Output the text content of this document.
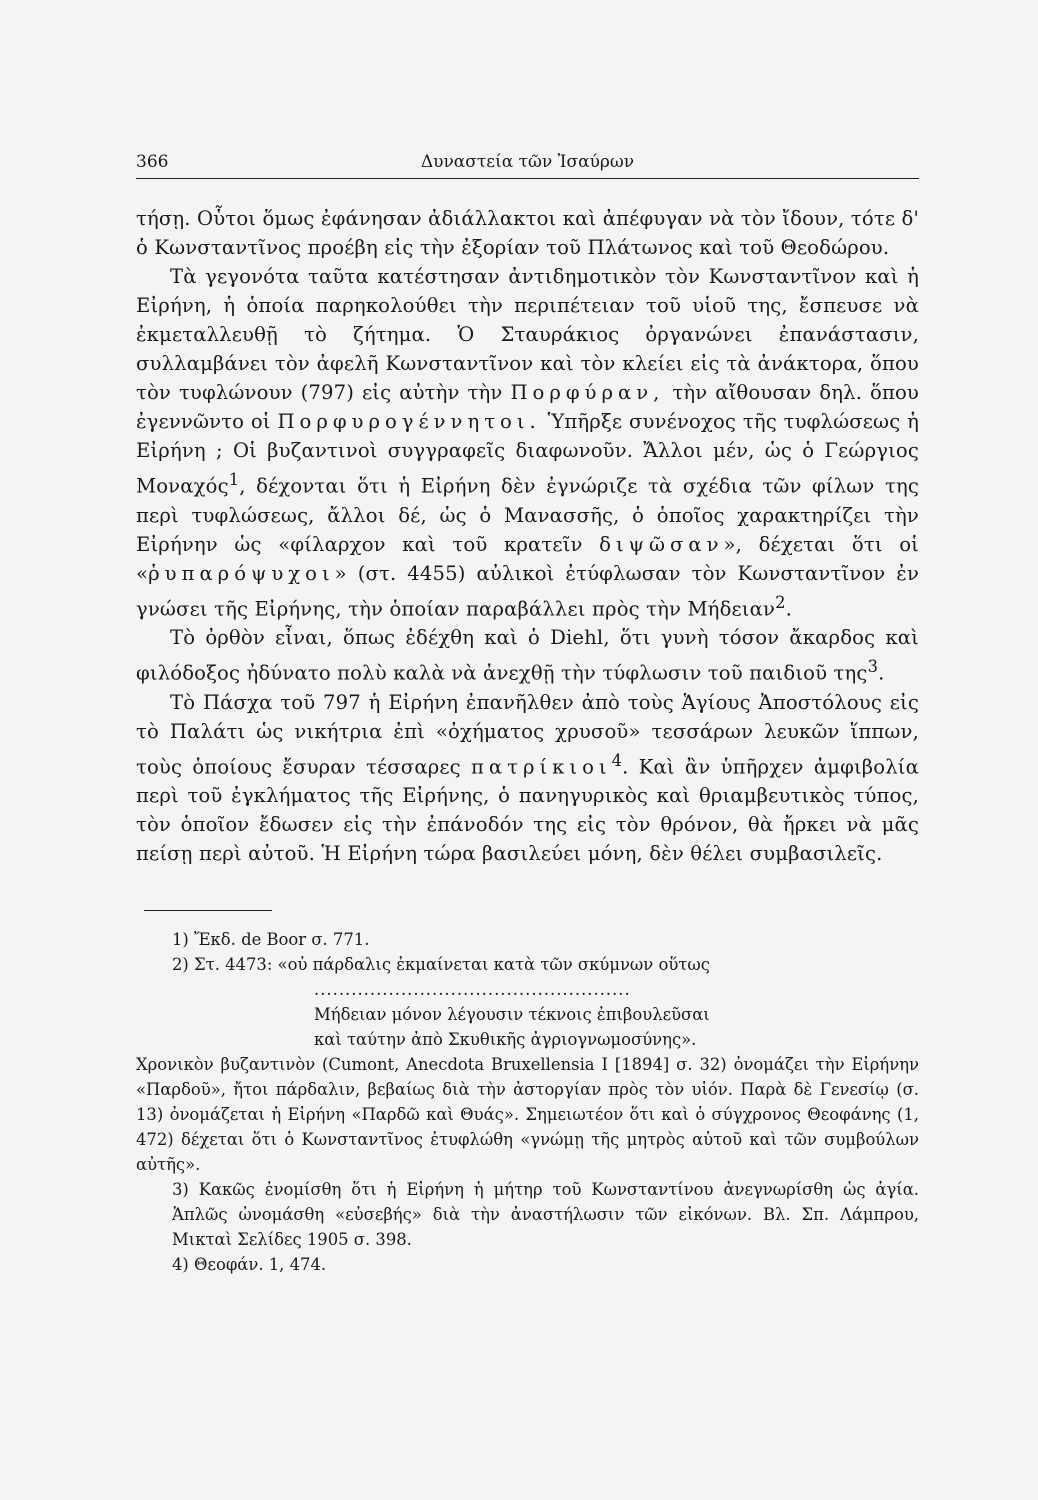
366	Δυναστεία τῶν Ἰσαύρων

τήσῃ. Οὗτοι ὅμως ἐφάνησαν ἀδιάλλακτοι καὶ ἀπέφυγαν νὰ τὸν ἴδουν, τότε δ' ὁ Κωνσταντῖνος προέβη εἰς τὴν ἐξορίαν τοῦ Πλάτωνος καὶ τοῦ Θεοδώρου.

Τὰ γεγονότα ταῦτα κατέστησαν ἀντιδημοτικὸν τὸν Κωνσταντῖνον καὶ ἡ Εἰρήνη, ἡ ὁποία παρηκολούθει τὴν περιπέτειαν τοῦ υἱοῦ της, ἔσπευσε νὰ ἐκμεταλλευθῇ τὸ ζήτημα. Ὁ Σταυράκιος ὀργανώνει ἐπανάστασιν, συλλαμβάνει τὸν ἀφελῆ Κωνσταντῖνον καὶ τὸν κλείει εἰς τὰ ἀνάκτορα, ὅπου τὸν τυφλώνουν (797) εἰς αὐτὴν τὴν Πορφύραν, τὴν αἴθουσαν δηλ. ὅπου ἐγεννῶντο οἱ Πορφυρογέννητοι. Ὑπῆρξε συνένοχος τῆς τυφλώσεως ἡ Εἰρήνη ; Οἱ βυζαντινοὶ συγγραφεῖς διαφωνοῦν. Ἄλλοι μέν, ὡς ὁ Γεώργιος Μοναχός$^1$, δέχονται ὅτι ἡ Εἰρήνη δὲν ἐγνώριζε τὰ σχέδια τῶν φίλων της περὶ τυφλώσεως, ἄλλοι δέ, ὡς ὁ Μανασσῆς, ὁ ὁποῖος χαρακτηρίζει τὴν Εἰρήνην ὡς «φίλαρχον καὶ τοῦ κρατεῖν διψῶσαν», δέχεται ὅτι οἱ «ῥυπαρόψυχοι» (στ. 4455) αὐλικοὶ ἐτύφλωσαν τὸν Κωνσταντῖνον ἐν γνώσει τῆς Εἰρήνης, τὴν ὁποίαν παραβάλλει πρὸς τὴν Μήδειαν$^2$.

Τὸ ὀρθὸν εἶναι, ὅπως ἐδέχθη καὶ ὁ Diehl, ὅτι γυνὴ τόσον ἄκαρδος καὶ φιλόδοξος ἠδύνατο πολὺ καλὰ νὰ ἀνεχθῇ τὴν τύφλωσιν τοῦ παιδιοῦ της$^3$.

Τὸ Πάσχα τοῦ 797 ἡ Εἰρήνη ἐπανῆλθεν ἀπὸ τοὺς Ἁγίους Ἀποστόλους εἰς τὸ Παλάτι ὡς νικήτρια ἐπὶ «ὀχήματος χρυσοῦ» τεσσάρων λευκῶν ἵππων, τοὺς ὁποίους ἔσυραν τέσσαρες πατρίκιοι$^4$. Καὶ ἂν ὑπῆρχεν ἀμφιβολία περὶ τοῦ ἐγκλήματος τῆς Εἰρήνης, ὁ πανηγυρικὸς καὶ θριαμβευτικὸς τύπος, τὸν ὁποῖον ἔδωσεν εἰς τὴν ἐπάνοδόν της εἰς τὸν θρόνον, θὰ ἤρκει νὰ μᾶς πείσῃ περὶ αὐτοῦ. Ἡ Εἰρήνη τώρα βασιλεύει μόνη, δὲν θέλει συμβασιλεῖς.

1) Ἔκδ. de Boor σ. 771.

2) Στ. 4473: «οὐ πάρδαλις ἐκμαίνεται κατὰ τῶν σκύμνων οὕτως

...................................................

Μήδειαν μόνον λέγουσιν τέκνοις ἐπιβουλεῦσαι

καὶ ταύτην ἀπὸ Σκυθικῆς ἀγριογνωμοσύνης».

Χρονικὸν βυζαντινὸν (Cumont, Anecdota Bruxellensia I [1894] σ. 32) ὀνομάζει τὴν Εἰρήνην «Παρδοῦ», ἤτοι πάρδαλιν, βεβαίως διὰ τὴν ἀστοργίαν πρὸς τὸν υἱόν. Παρὰ δὲ Γενεσίῳ (σ. 13) ὀνομάζεται ἡ Εἰρήνη «Παρδῶ καὶ Θυάς». Σημειωτέον ὅτι καὶ ὁ σύγχρονος Θεοφάνης (1, 472) δέχεται ὅτι ὁ Κωνσταντῖνος ἐτυφλώθη «γνώμῃ τῆς μητρὸς αὐτοῦ καὶ τῶν συμβούλων αὐτῆς».

3) Κακῶς ἐνομίσθη ὅτι ἡ Εἰρήνη ἡ μήτηρ τοῦ Κωνσταντίνου ἀνεγνωρίσθη ὡς ἁγία. Ἁπλῶς ὠνομάσθη «εὐσεβής» διὰ τὴν ἀναστήλωσιν τῶν εἰκόνων. Βλ. Σπ. Λάμπρου, Μικταὶ Σελίδες 1905 σ. 398.

4) Θεοφάν. 1, 474.
